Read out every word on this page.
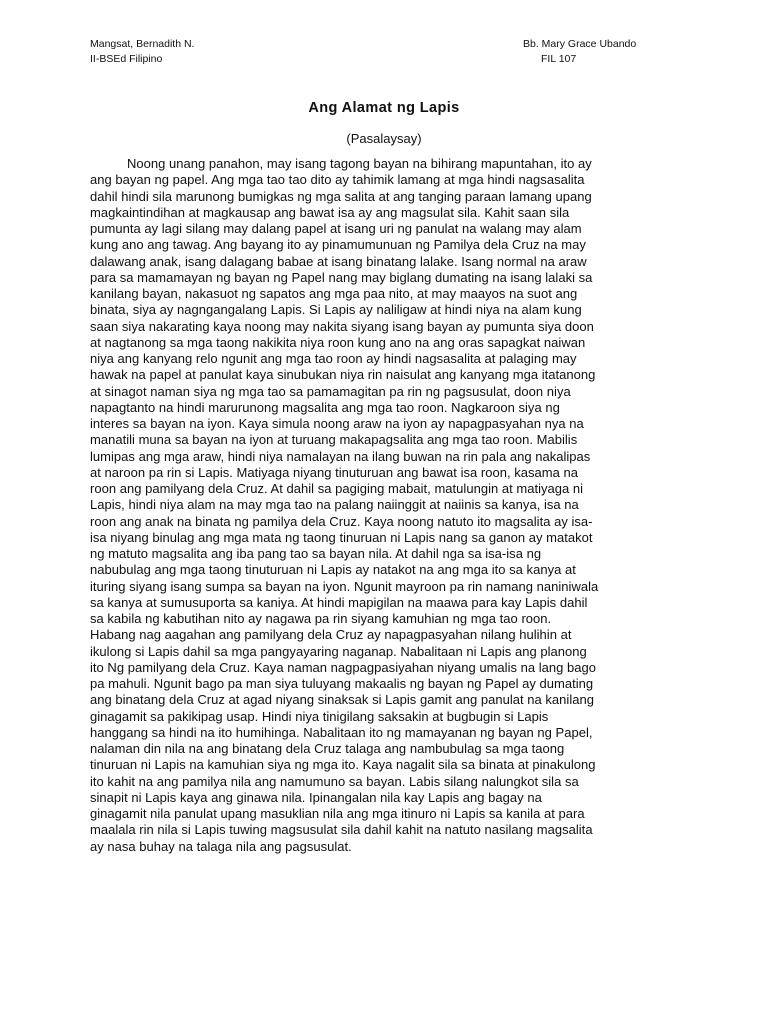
Mangsat, Bernadith N.
II-BSEd Filipino
Bb. Mary Grace Ubando
FIL 107
Ang Alamat ng Lapis
(Pasalaysay)
Noong unang panahon, may isang tagong bayan na bihirang mapuntahan, ito ay
ang bayan ng papel. Ang mga tao tao dito ay tahimik lamang at mga hindi nagsasalita
dahil hindi sila marunong bumigkas ng mga salita at ang tanging paraan lamang upang
magkaintindihan at magkausap ang bawat isa ay ang magsulat sila. Kahit saan sila
pumunta ay lagi silang may dalang papel at isang uri ng panulat na walang may alam
kung ano ang tawag. Ang bayang ito ay pinamumunuan ng Pamilya dela Cruz na may
dalawang anak, isang dalagang babae at isang binatang lalake. Isang normal na araw
para sa mamamayan ng bayan ng Papel nang may biglang dumating na isang lalaki sa
kanilang bayan, nakasuot ng sapatos ang mga paa nito, at may maayos na suot ang
binata, siya ay nagngangalang Lapis. Si Lapis ay naliligaw at hindi niya na alam kung
saan siya nakarating kaya noong may nakita siyang isang bayan ay pumunta siya doon
at nagtanong sa mga taong nakikita niya roon kung ano na ang oras sapagkat naiwan
niya ang kanyang relo ngunit ang mga tao roon ay hindi nagsasalita at palaging may
hawak na papel at panulat kaya sinubukan niya rin naisulat ang kanyang mga itatanong
at sinagot naman siya ng mga tao sa pamamagitan pa rin ng pagsusulat, doon niya
napagtanto na hindi marurunong magsalita ang mga tao roon. Nagkaroon siya ng
interes sa bayan na iyon. Kaya simula noong araw na iyon ay napagpasyahan nya na
manatili muna sa bayan na iyon at turuang makapagsalita ang mga tao roon. Mabilis
lumipas ang mga araw, hindi niya namalayan na ilang buwan na rin pala ang nakalipas
at naroon pa rin si Lapis. Matiyaga niyang tinuturuan ang bawat isa roon, kasama na
roon ang pamilyang dela Cruz. At dahil sa pagiging mabait, matulungin at matiyaga ni
Lapis, hindi niya alam na may mga tao na palang naiinggit at naiinis sa kanya, isa na
roon ang anak na binata ng pamilya dela Cruz. Kaya noong natuto ito magsalita ay isa-
isa niyang binulag ang mga mata ng taong tinuruan ni Lapis nang sa ganon ay matakot
ng matuto magsalita ang iba pang tao sa bayan nila. At dahil nga sa isa-isa ng
nabubulag ang mga taong tinuturuan ni Lapis ay natakot na ang mga ito sa kanya at
ituring siyang isang sumpa sa bayan na iyon. Ngunit mayroon pa rin namang naniniwala
sa kanya at sumusuporta sa kaniya. At hindi mapigilan na maawa para kay Lapis dahil
sa kabila ng kabutihan nito ay nagawa pa rin siyang kamuhian ng mga tao roon.
Habang nag aagahan ang pamilyang dela Cruz ay napagpasyahan nilang hulihin at
ikulong si Lapis dahil sa mga pangyayaring naganap. Nabalitaan ni Lapis ang planong
ito Ng pamilyang dela Cruz. Kaya naman nagpagpasiyahan niyang umalis na lang bago
pa mahuli. Ngunit bago pa man siya tuluyang makaalis ng bayan ng Papel ay dumating
ang binatang dela Cruz at agad niyang sinaksak si Lapis gamit ang panulat na kanilang
ginagamit sa pakikipag usap. Hindi niya tinigilang saksakin at bugbugin si Lapis
hanggang sa hindi na ito humihinga. Nabalitaan ito ng mamayanan ng bayan ng Papel,
nalaman din nila na ang binatang dela Cruz talaga ang nambubulag sa mga taong
tinuruan ni Lapis na kamuhian siya ng mga ito. Kaya nagalit sila sa binata at pinakulong
ito kahit na ang pamilya nila ang namumuno sa bayan. Labis silang nalungkot sila sa
sinapit ni Lapis kaya ang ginawa nila. Ipinangalan nila kay Lapis ang bagay na
ginagamit nila panulat upang masuklian nila ang mga itinuro ni Lapis sa kanila at para
maalala rin nila si Lapis tuwing magsusulat sila dahil kahit na natuto nasilang magsalita
ay nasa buhay na talaga nila ang pagsusulat.
